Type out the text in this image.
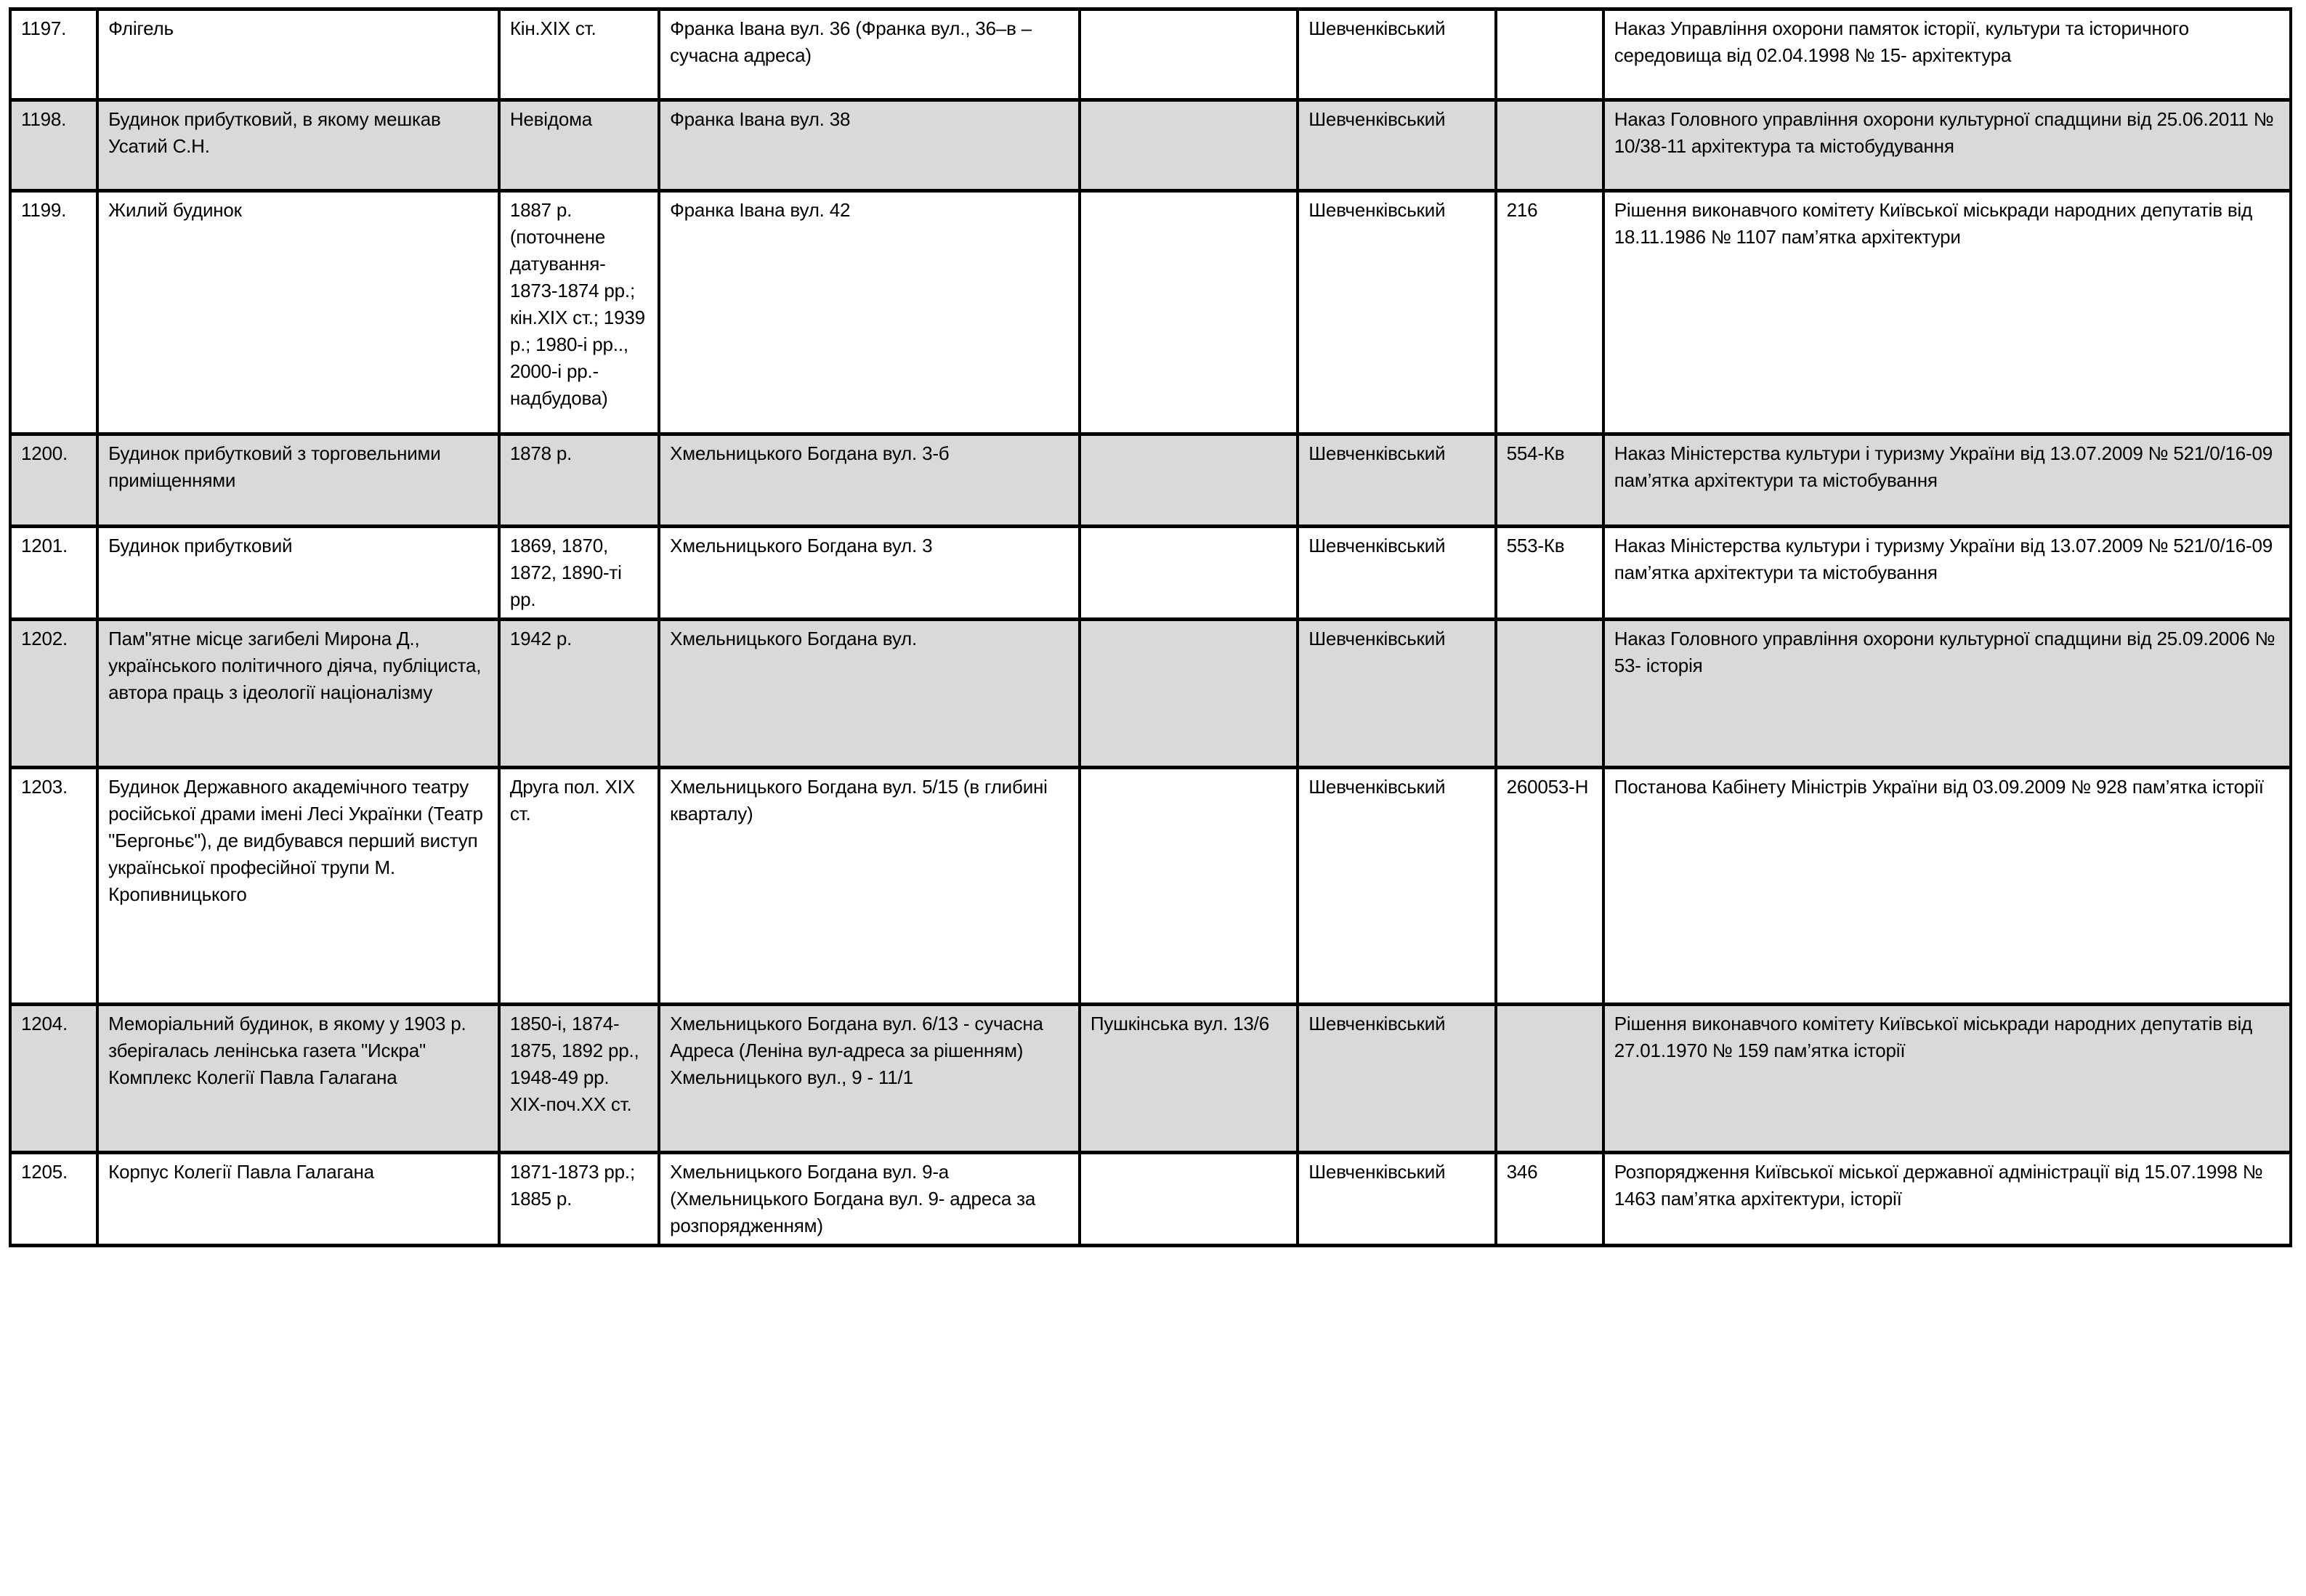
1197.	Флігель	Кін.XIX ст.	Франка Івана вул. 36 (Франка вул., 36–в – сучасна адреса)		Шевченківський		Наказ Управління охорони памяток історії, культури та історичного середовища від 02.04.1998 № 15- архітектура
1198.	Будинок прибутковий, в якому мешкав Усатий С.Н.	Невідома	Франка Івана вул. 38		Шевченківський		Наказ Головного управління охорони культурної спадщини від 25.06.2011 № 10/38-11 архітектура та містобудування
1199.	Жилий будинок	1887 р. (поточнене датування- 1873-1874 рр.; кін.XIX ст.; 1939 р.; 1980-і рр.., 2000-і рр.- надбудова)	Франка Івана вул. 42		Шевченківський	216	Рішення виконавчого комітету Київської міськради народних депутатів від 18.11.1986 № 1107 пам’ятка архітектури
1200.	Будинок прибутковий з торговельними приміщеннями	1878 р.	Хмельницького Богдана вул. 3-б		Шевченківський	554-Кв	Наказ Міністерства культури і туризму України від 13.07.2009 № 521/0/16-09 пам’ятка архітектури та містобування
1201.	Будинок прибутковий	1869, 1870, 1872, 1890-ті рр.	Хмельницького Богдана вул. 3		Шевченківський	553-Кв	Наказ Міністерства культури і туризму України від 13.07.2009 № 521/0/16-09 пам’ятка архітектури та містобування
1202.	Пам"ятне місце загибелі Мирона Д., українського політичного діяча, публіциста, автора праць з ідеології націоналізму	1942 р.	Хмельницького Богдана вул.		Шевченківський		Наказ Головного управління охорони культурної спадщини від 25.09.2006 № 53- історія
1203.	Будинок Державного академічного театру російської драми імені Лесі Українки (Театр "Бергоньє"), де видбувався перший виступ української професійної трупи М. Кропивницького	Друга пол. XIX ст.	Хмельницького Богдана вул. 5/15 (в глибині кварталу)		Шевченківський	260053-Н	Постанова Кабінету Міністрів України від 03.09.2009 № 928 пам’ятка історії
1204.	Меморіальний будинок, в якому у 1903 р. зберігалась ленінська газета "Искра" Комплекс Колегії Павла Галагана	1850-і, 1874-1875, 1892 рр., 1948-49 рр. XIX-поч.XX ст.	Хмельницького Богдана вул. 6/13 - сучасна Адреса (Леніна вул-адреса за рішенням) Хмельницького вул., 9 - 11/1	Пушкінська вул. 13/6	Шевченківський		Рішення виконавчого комітету Київської міськради народних депутатів від 27.01.1970 № 159 пам’ятка історії
1205.	Корпус Колегії Павла Галагана	1871-1873 рр.; 1885 р.	Хмельницького Богдана вул. 9-а (Хмельницького Богдана вул. 9- адреса за розпорядженням)		Шевченківський	346	Розпорядження Київської міської державної адміністрації від 15.07.1998 № 1463 пам’ятка архітектури, історії
